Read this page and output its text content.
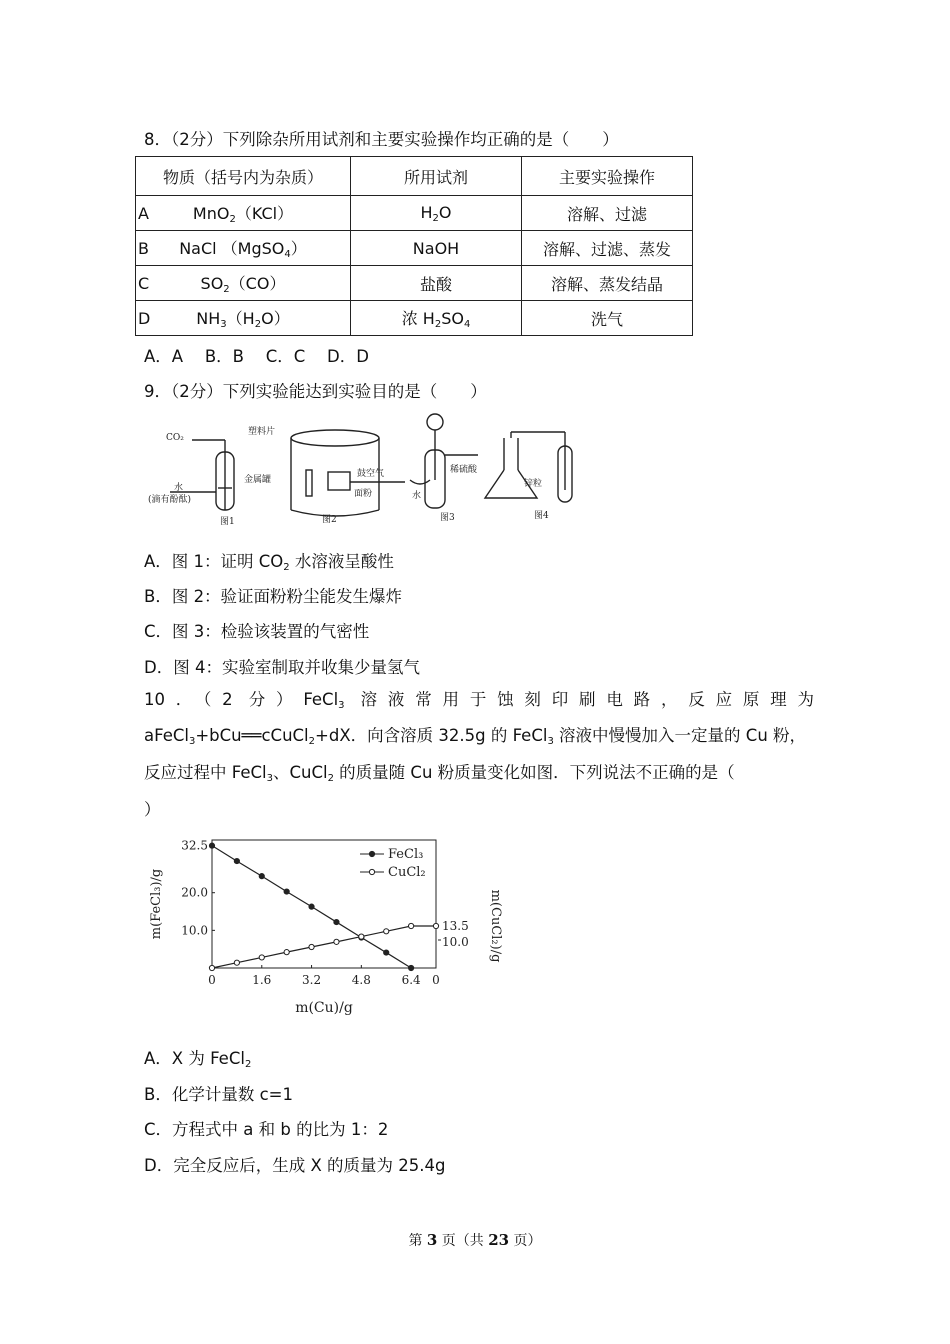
8．（2分）下列除杂所用试剂和主要实验操作均正确的是（　　）
物质（括号内为杂质）	所用试剂	主要实验操作

A MnO$_2$（KCl）	$H_2O$	溶解、过滤

B NaCl （MgSO$_4$）	NaOH	溶解、过滤、蒸发

C $SO_2(CO)$	盐酸	溶解、蒸发结晶

D $NH_3(H_2O)$	浓 $H_2SO_4$	洗气
A．A　 B．B　 C．C　 D．D
9．（2分）下列实验能达到实验目的是（　　）
CO₂
水
(滴有酚酞)
图1
塑料片
金属罐
鼓空气
面粉
图2
水
稀硫酸
图3
锌粒
图4
A．图 1：证明 $CO_2$ 水溶液呈酸性
B．图 2：验证面粉粉尘能发生爆炸
C．图 3：检验该装置的气密性
D．图 4：实验室制取并收集少量氢气
10．（2 分）FeCl$_3$ 溶液常用于蚀刻印刷电路，反应原理为
aFeCl$_3$+bCu══cCuCl$_2$+dX．向含溶质 32.5g 的 FeCl$_3$ 溶液中慢慢加入一定量的 Cu 粉，
反应过程中 FeCl$_3$、CuCl$_2$ 的质量随 Cu 粉质量变化如图．下列说法不正确的是（
）
0	1.6	3.2	4.8	6.4 0
m(Cu)/g
32.5
20.0
10.0
m(FeCl₃)/g	13.5
10.0 m(CuCl₂)/g
FeCl₃
CuCl₂
A．X 为 FeCl$_2$
B．化学计量数 c=1
C．方程式中 a 和 b 的比为 1：2
D．完全反应后，生成 X 的质量为 25.4g
第 3 页（共 23 页）
